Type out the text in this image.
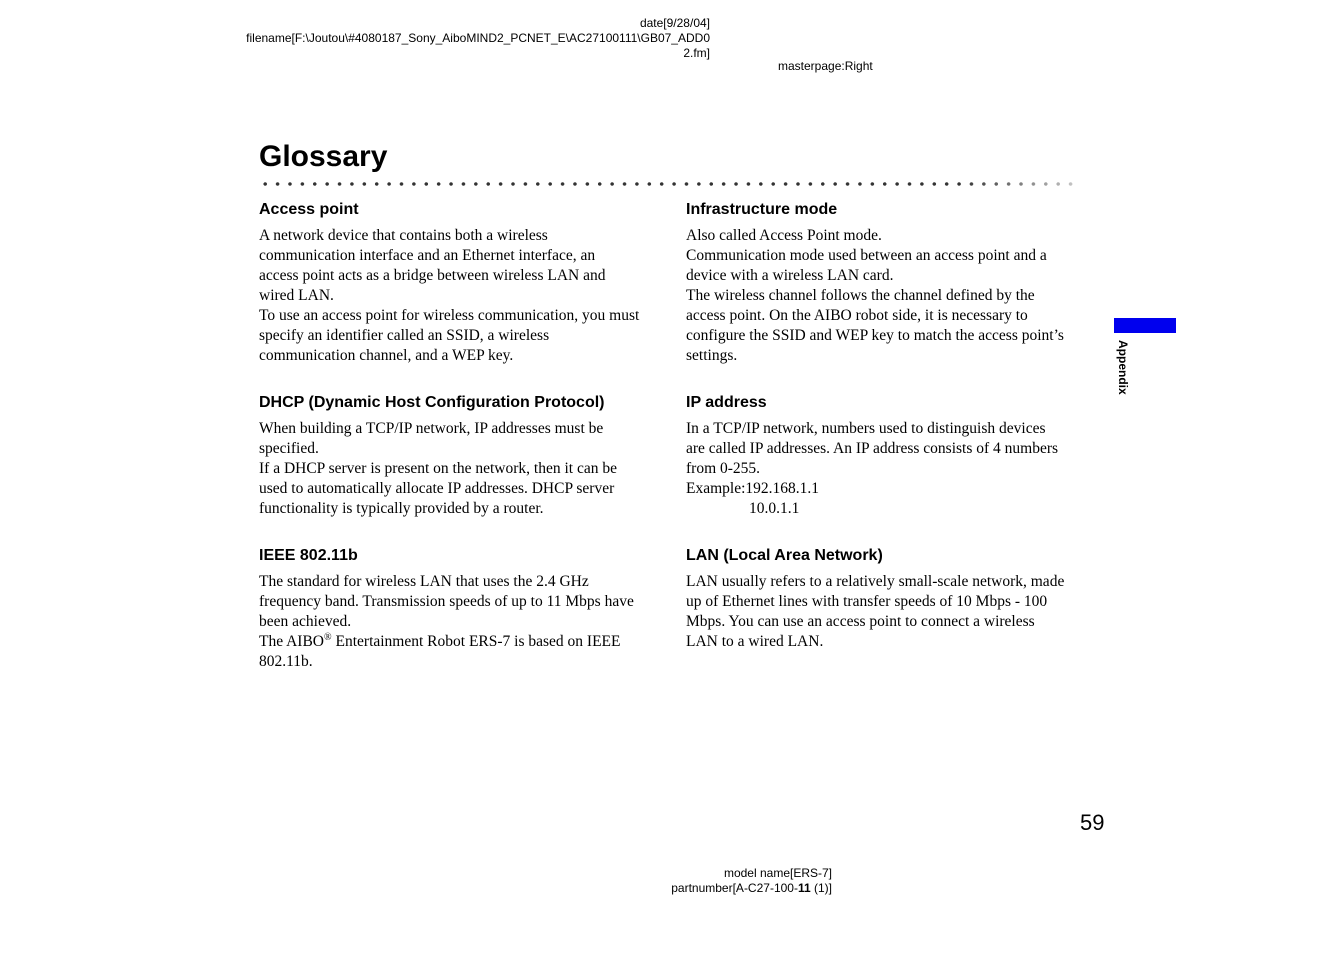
date[9/28/04]
filename[F:\Joutou\#4080187_Sony_AiboMIND2_PCNET_E\AC27100111\GB07_ADD0
2.fm]
masterpage:Right
Glossary
Access point

A network device that contains both a wireless
communication interface and an Ethernet interface, an
access point acts as a bridge between wireless LAN and
wired LAN.
To use an access point for wireless communication, you must
specify an identifier called an SSID, a wireless
communication channel, and a WEP key.

Infrastructure mode

Also called Access Point mode.
Communication mode used between an access point and a
device with a wireless LAN card.
The wireless channel follows the channel defined by the
access point. On the AIBO robot side, it is necessary to
configure the SSID and WEP key to match the access point’s
settings.

DHCP (Dynamic Host Configuration Protocol)

When building a TCP/IP network, IP addresses must be
specified.
If a DHCP server is present on the network, then it can be
used to automatically allocate IP addresses. DHCP server
functionality is typically provided by a router.

IP address

In a TCP/IP network, numbers used to distinguish devices
are called IP addresses. An IP address consists of 4 numbers
from 0-255.
Example:192.168.1.1
10.0.1.1

IEEE 802.11b

The standard for wireless LAN that uses the 2.4 GHz
frequency band. Transmission speeds of up to 11 Mbps have
been achieved.
The AIBO® Entertainment Robot ERS-7 is based on IEEE
802.11b.

LAN (Local Area Network)

LAN usually refers to a relatively small-scale network, made
up of Ethernet lines with transfer speeds of 10 Mbps - 100
Mbps. You can use an access point to connect a wireless
LAN to a wired LAN.

Appendix
59
model name[ERS-7]
partnumber[A-C27-100-11 (1)]
